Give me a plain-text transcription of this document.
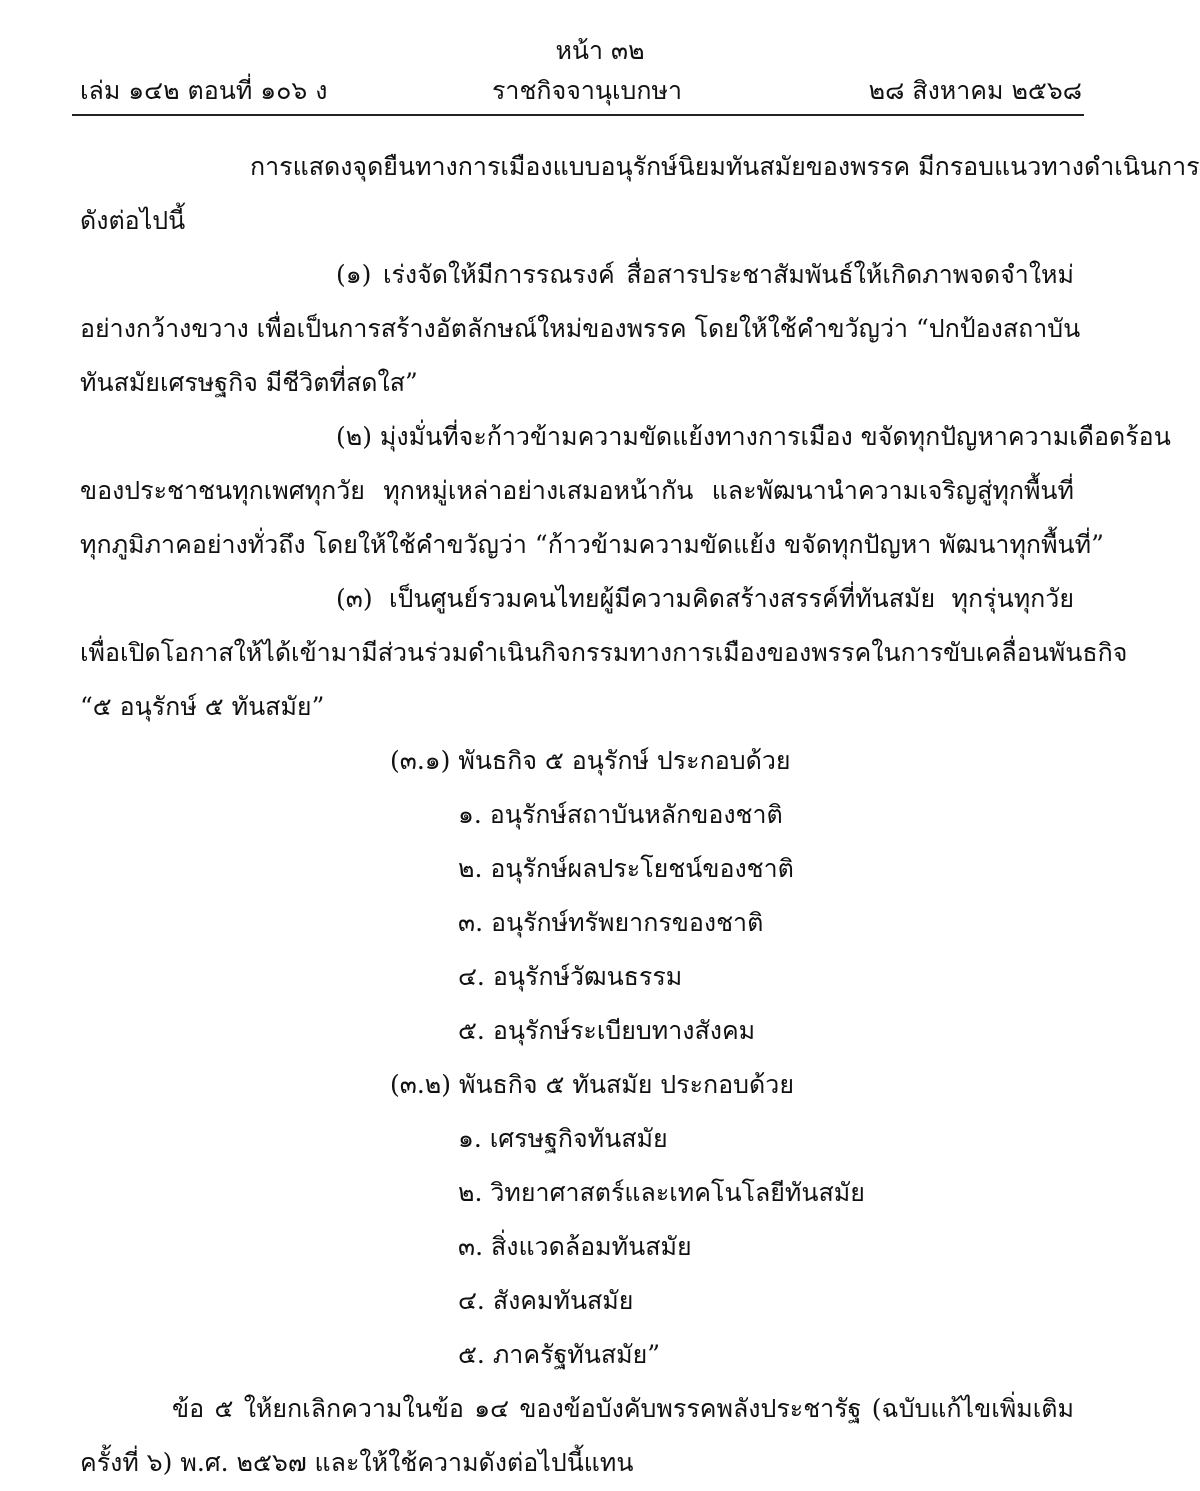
หน้า ๓๒
เล่ม ๑๔๒ ตอนที่ ๑๐๖ ง	ราชกิจจานุเบกษา	๒๘ สิงหาคม ๒๕๖๘
การแสดงจุดยืนทางการเมืองแบบอนุรักษ์นิยมทันสมัยของพรรค มีกรอบแนวทางดำเนินการ
ดังต่อไปนี้
(๑) เร่งจัดให้มีการรณรงค์ สื่อสารประชาสัมพันธ์ให้เกิดภาพจดจำใหม่
อย่างกว้างขวาง เพื่อเป็นการสร้างอัตลักษณ์ใหม่ของพรรค โดยให้ใช้คำขวัญว่า “ปกป้องสถาบัน
ทันสมัยเศรษฐกิจ มีชีวิตที่สดใส”
(๒) มุ่งมั่นที่จะก้าวข้ามความขัดแย้งทางการเมือง ขจัดทุกปัญหาความเดือดร้อน
ของประชาชนทุกเพศทุกวัย ทุกหมู่เหล่าอย่างเสมอหน้ากัน และพัฒนานำความเจริญสู่ทุกพื้นที่
ทุกภูมิภาคอย่างทั่วถึง โดยให้ใช้คำขวัญว่า “ก้าวข้ามความขัดแย้ง ขจัดทุกปัญหา พัฒนาทุกพื้นที่”
(๓) เป็นศูนย์รวมคนไทยผู้มีความคิดสร้างสรรค์ที่ทันสมัย ทุกรุ่นทุกวัย
เพื่อเปิดโอกาสให้ได้เข้ามามีส่วนร่วมดำเนินกิจกรรมทางการเมืองของพรรคในการขับเคลื่อนพันธกิจ
“๕ อนุรักษ์ ๕ ทันสมัย”
(๓.๑) พันธกิจ ๕ อนุรักษ์ ประกอบด้วย
๑. อนุรักษ์สถาบันหลักของชาติ
๒. อนุรักษ์ผลประโยชน์ของชาติ
๓. อนุรักษ์ทรัพยากรของชาติ
๔. อนุรักษ์วัฒนธรรม
๕. อนุรักษ์ระเบียบทางสังคม
(๓.๒) พันธกิจ ๕ ทันสมัย ประกอบด้วย
๑. เศรษฐกิจทันสมัย
๒. วิทยาศาสตร์และเทคโนโลยีทันสมัย
๓. สิ่งแวดล้อมทันสมัย
๔. สังคมทันสมัย
๕. ภาครัฐทันสมัย”
ข้อ ๕ ให้ยกเลิกความในข้อ ๑๔ ของข้อบังคับพรรคพลังประชารัฐ (ฉบับแก้ไขเพิ่มเติม
ครั้งที่ ๖) พ.ศ. ๒๕๖๗ และให้ใช้ความดังต่อไปนี้แทน
